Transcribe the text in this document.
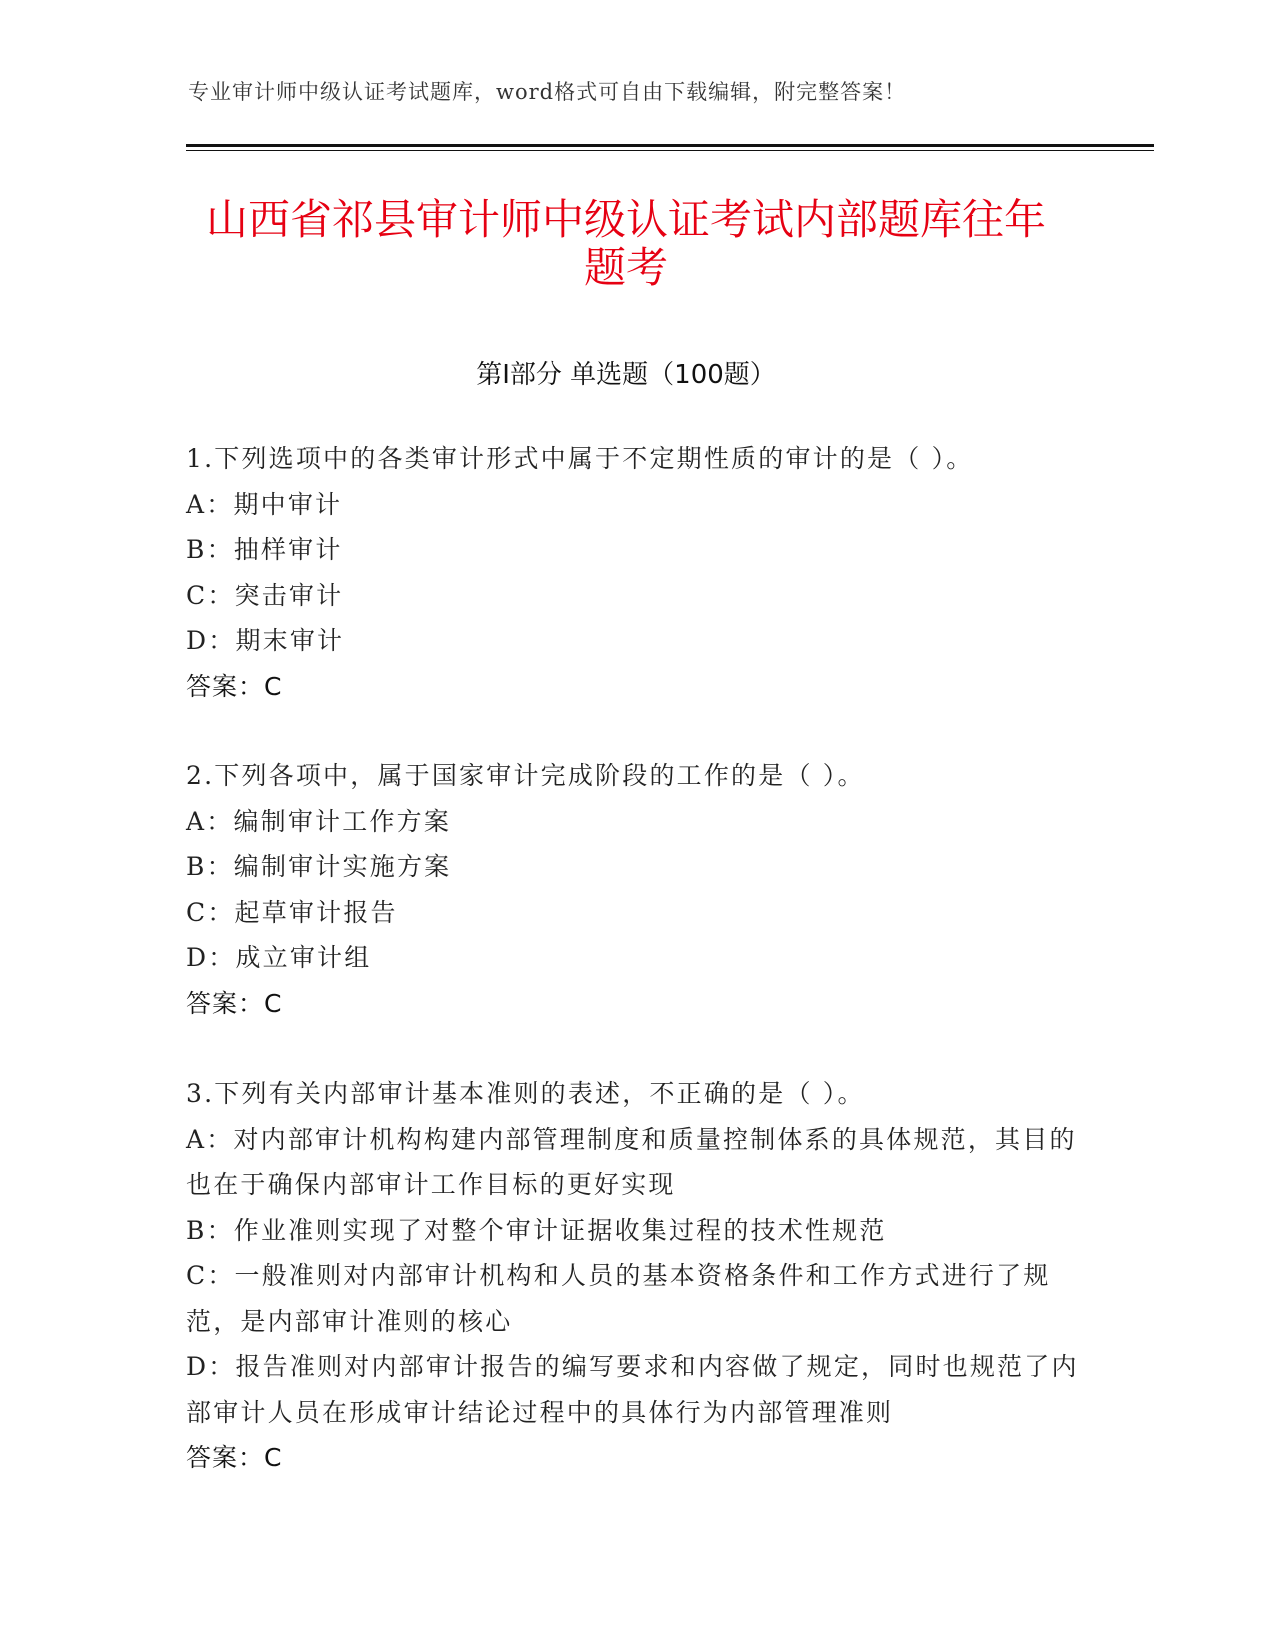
专业审计师中级认证考试题库，word格式可自由下载编辑，附完整答案！
山西省祁县审计师中级认证考试内部题库往年题考
第Ⅰ部分 单选题（100题）
1.下列选项中的各类审计形式中属于不定期性质的审计的是（ ）。
A：期中审计
B：抽样审计
C：突击审计
D：期末审计
答案：C
2.下列各项中，属于国家审计完成阶段的工作的是（ ）。
A：编制审计工作方案
B：编制审计实施方案
C：起草审计报告
D：成立审计组
答案：C
3.下列有关内部审计基本准则的表述，不正确的是（ ）。
A：对内部审计机构构建内部管理制度和质量控制体系的具体规范，其目的也在于确保内部审计工作目标的更好实现
B：作业准则实现了对整个审计证据收集过程的技术性规范
C：一般准则对内部审计机构和人员的基本资格条件和工作方式进行了规范，是内部审计准则的核心
D：报告准则对内部审计报告的编写要求和内容做了规定，同时也规范了内部审计人员在形成审计结论过程中的具体行为内部管理准则
答案：C
